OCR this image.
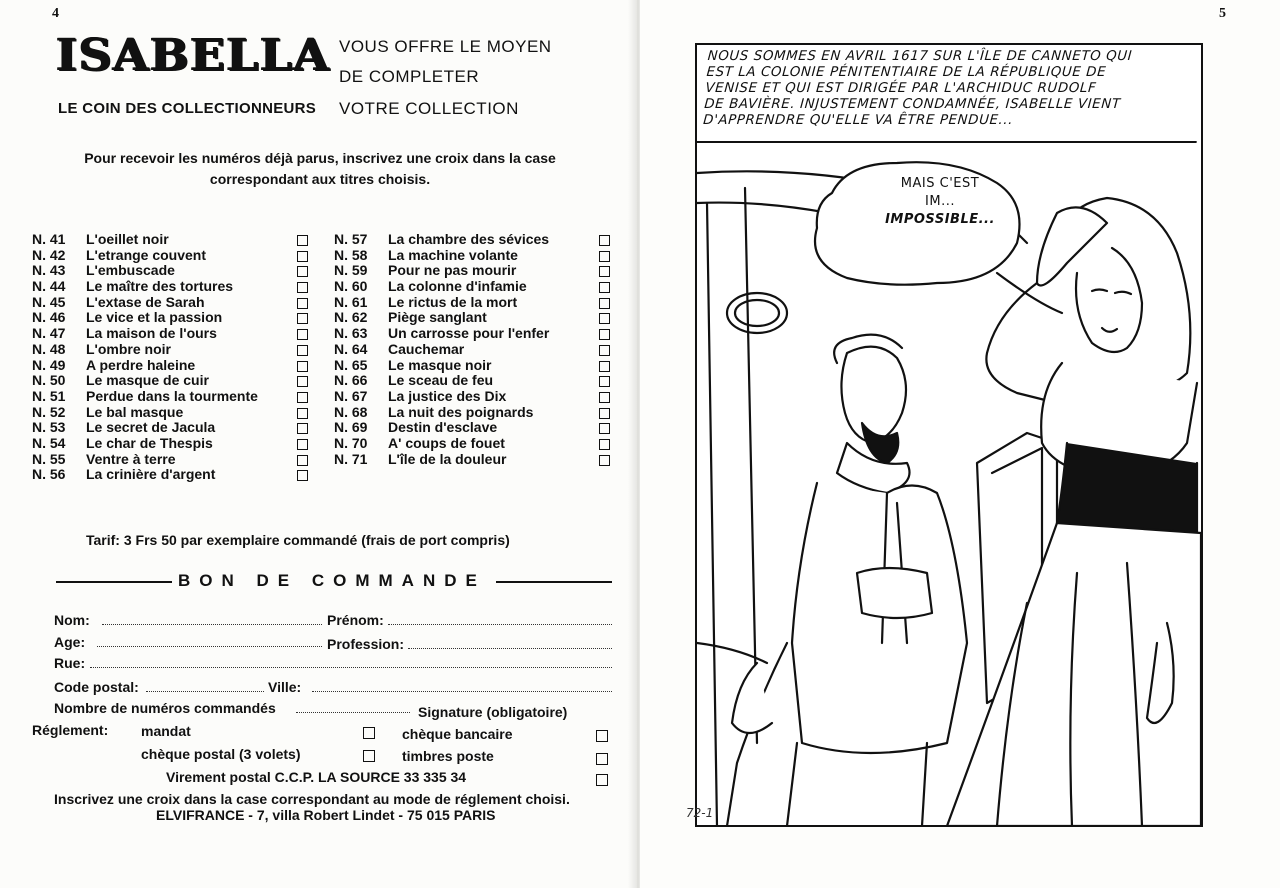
4
ISABELLA
LE COIN DES COLLECTIONNEURS
VOUS OFFRE LE MOYEN
DE COMPLETER
VOTRE COLLECTION
Pour recevoir les numéros déjà parus, inscrivez une croix dans la case
correspondant aux titres choisis.
N. 41	L'oeillet noir
N. 42	L'etrange couvent
N. 43	L'embuscade
N. 44	Le maître des tortures
N. 45	L'extase de Sarah
N. 46	Le vice et la passion
N. 47	La maison de l'ours
N. 48	L'ombre noir
N. 49	A perdre haleine
N. 50	Le masque de cuir
N. 51	Perdue dans la tourmente
N. 52	Le bal masque
N. 53	Le secret de Jacula
N. 54	Le char de Thespis
N. 55	Ventre à terre
N. 56	La crinière d'argent
N. 57	La chambre des sévices
N. 58	La machine volante
N. 59	Pour ne pas mourir
N. 60	La colonne d'infamie
N. 61	Le rictus de la mort
N. 62	Piège sanglant
N. 63	Un carrosse pour l'enfer
N. 64	Cauchemar
N. 65	Le masque noir
N. 66	Le sceau de feu
N. 67	La justice des Dix
N. 68	La nuit des poignards
N. 69	Destin d'esclave
N. 70	A' coups de fouet
N. 71	L'île de la douleur
Tarif: 3 Frs 50 par exemplaire commandé (frais de port compris)
BON DE COMMANDE
Nom:	Prénom:
Age:	Profession:
Rue:
Code postal:	Ville:
Nombre de numéros commandés	Signature (obligatoire)
Réglement: mandat	chèque bancaire
chèque postal (3 volets)	timbres poste
Virement postal C.C.P. LA SOURCE 33 335 34
Inscrivez une croix dans la case correspondant au mode de réglement choisi.
ELVIFRANCE - 7, villa Robert Lindet - 75 015 PARIS
5
NOUS SOMMES EN AVRIL 1617 SUR L'ÎLE DE CANNETO QUI
EST LA COLONIE PÉNITENTIAIRE DE LA RÉPUBLIQUE DE
VENISE ET QUI EST DIRIGÉE PAR L'ARCHIDUC RUDOLF
DE BAVIÈRE. INJUSTEMENT CONDAMNÉE, ISABELLE VIENT
D'APPRENDRE QU'ELLE VA ÊTRE PENDUE...
MAIS C'EST
IM...
IMPOSSIBLE...
72-1
